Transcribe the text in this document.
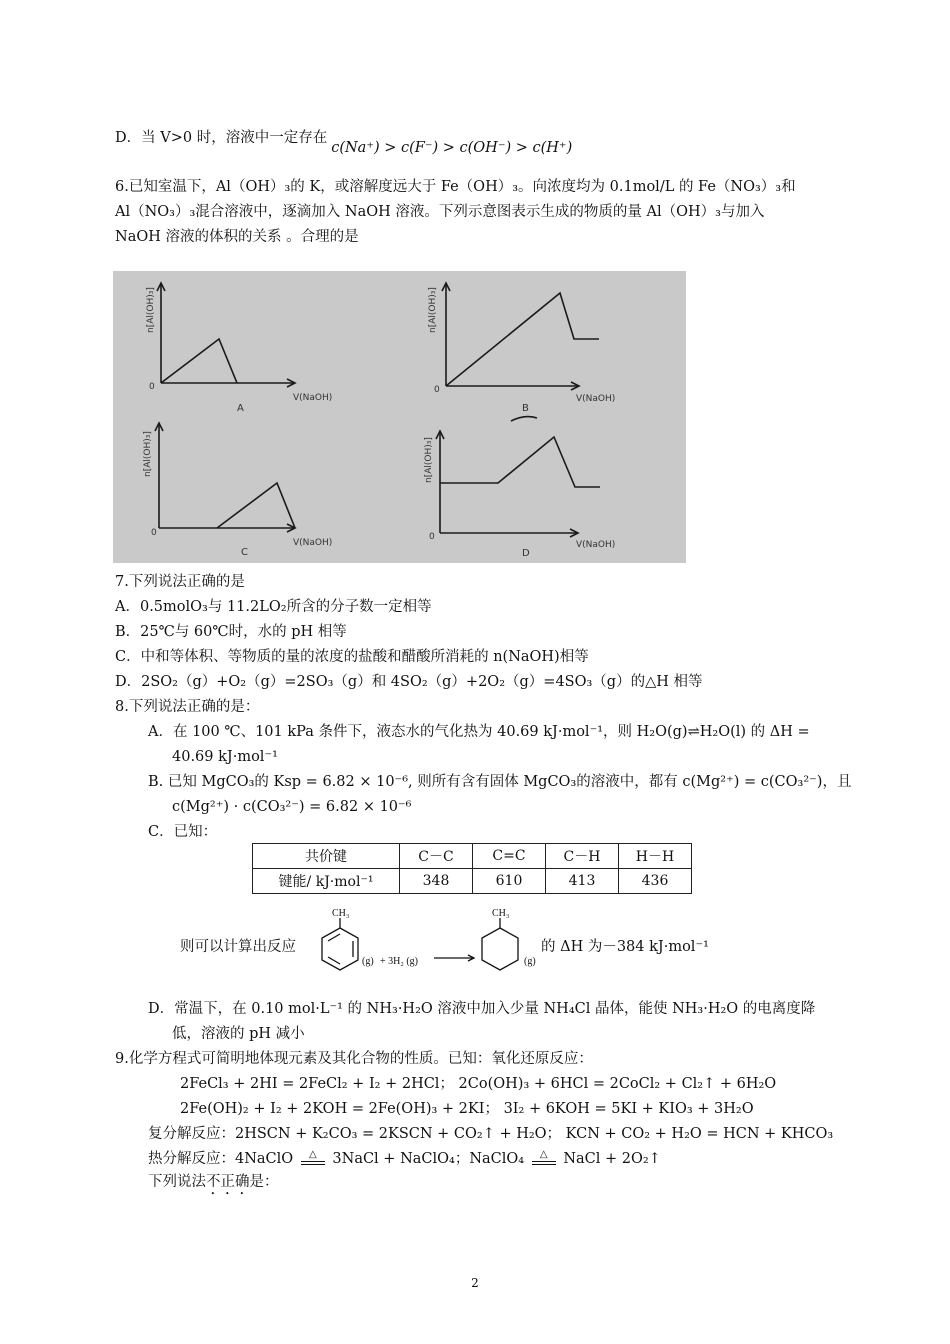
D．当 V>0 时，溶液中一定存在c(Na⁺) > c(F⁻) > c(OH⁻) > c(H⁺)
6.已知室温下，Al（OH）₃的 K，或溶解度远大于 Fe（OH）₃。向浓度均为 0.1mol/L 的 Fe（NO₃）₃和
Al（NO₃）₃混合溶液中，逐滴加入 NaOH 溶液。下列示意图表示生成的物质的量 Al（OH）₃与加入
NaOH 溶液的体积的关系 。合理的是
0
V(NaOH)
n[Al(OH)₃]
A
0
V(NaOH)
n[Al(OH)₃]
B
0
V(NaOH)
n[Al(OH)₃]
C
0
V(NaOH)
n[Al(OH)₃]
D
7.下列说法正确的是
A．0.5molO₃与 11.2LO₂所含的分子数一定相等
B．25℃与 60℃时，水的 pH 相等
C．中和等体积、等物质的量的浓度的盐酸和醋酸所消耗的 n(NaOH)相等
D．2SO₂（g）+O₂（g）=2SO₃（g）和 4SO₂（g）+2O₂（g）=4SO₃（g）的△H 相等
8.下列说法正确的是：
A．在 100 ℃、101 kPa 条件下，液态水的气化热为 40.69 kJ·mol⁻¹，则 H₂O(g)⇌H₂O(l) 的 ΔH =
40.69 kJ·mol⁻¹
B. 已知 MgCO₃的 Ksp = 6.82 × 10⁻⁶, 则所有含有固体 MgCO₃的溶液中，都有 c(Mg²⁺) = c(CO₃²⁻)，且
c(Mg²⁺) · c(CO₃²⁻) = 6.82 × 10⁻⁶
C．已知：
共价键	C－C	C=C	C－H	H－H
键能/ kJ·mol⁻¹	348	610	413	436
则可以计算出反应
CH₃
(g) + 3H₂ (g)
CH₃
(g)
的 ΔH 为－384 kJ·mol⁻¹
D．常温下，在 0.10 mol·L⁻¹ 的 NH₃·H₂O 溶液中加入少量 NH₄Cl 晶体，能使 NH₃·H₂O 的电离度降
低，溶液的 pH 减小
9.化学方程式可简明地体现元素及其化合物的性质。已知：氧化还原反应：
2FeCl₃ + 2HI = 2FeCl₂ + I₂ + 2HCl； 2Co(OH)₃ + 6HCl = 2CoCl₂ + Cl₂↑ + 6H₂O
2Fe(OH)₂ + I₂ + 2KOH = 2Fe(OH)₃ + 2KI； 3I₂ + 6KOH = 5KI + KIO₃ + 3H₂O
复分解反应：2HSCN + K₂CO₃ = 2KSCN + CO₂↑ + H₂O； KCN + CO₂ + H₂O = HCN + KHCO₃
热分解反应：4NaClO △ 3NaCl + NaClO₄；NaClO₄ △ NaCl + 2O₂↑
下列说法不正确是：
2
